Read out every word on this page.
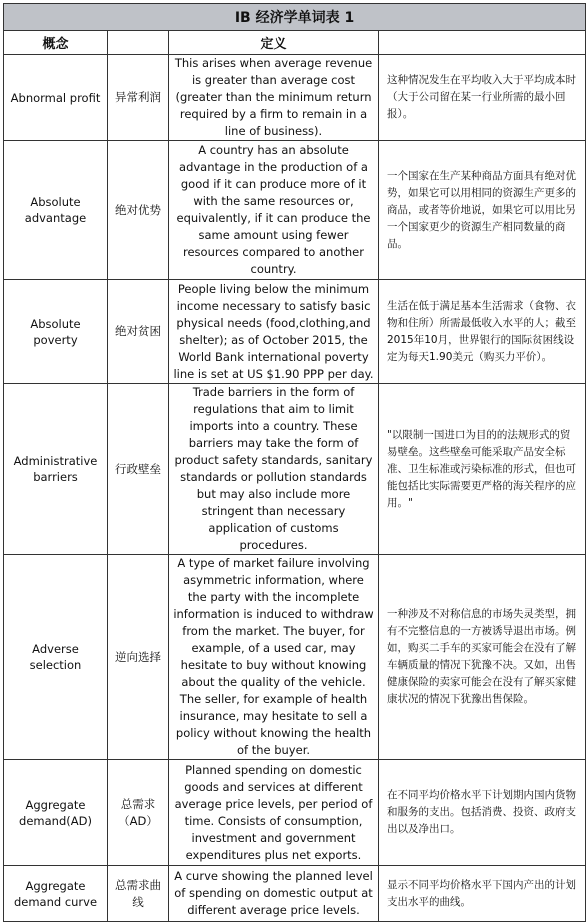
IB 经济学单词表 1			
概念		定义	
Abnormal profit	异常利润	This arises when average revenue is greater than average cost (greater than the minimum return required by a firm to remain in a line of business).	这种情况发生在平均收入大于平均成本时（大于公司留在某一行业所需的最小回报）。
Absolute advantage	绝对优势	A country has an absolute advantage in the production of a good if it can produce more of it with the same resources or, equivalently, if it can produce the same amount using fewer resources compared to another country.	一个国家在生产某种商品方面具有绝对优势，如果它可以用相同的资源生产更多的商品，或者等价地说，如果它可以用比另一个国家更少的资源生产相同数量的商品。
Absolute poverty	绝对贫困	People living below the minimum income necessary to satisfy basic physical needs (food,clothing,and shelter); as of October 2015, the World Bank international poverty line is set at US $1.90 PPP per day.	生活在低于满足基本生活需求（食物、衣物和住所）所需最低收入水平的人；截至2015年10月，世界银行的国际贫困线设定为每天1.90美元（购买力平价）。
Administrative barriers	行政壁垒	Trade barriers in the form of regulations that aim to limit imports into a country. These barriers may take the form of product safety standards, sanitary standards or pollution standards but may also include more stringent than necessary application of customs procedures.	"以限制一国进口为目的的法规形式的贸易壁垒。这些壁垒可能采取产品安全标准、卫生标准或污染标准的形式，但也可能包括比实际需要更严格的海关程序的应用。"
Adverse selection	逆向选择	A type of market failure involving asymmetric information, where the party with the incomplete information is induced to withdraw from the market. The buyer, for example, of a used car, may hesitate to buy without knowing about the quality of the vehicle. The seller, for example of health insurance, may hesitate to sell a policy without knowing the health of the buyer.	一种涉及不对称信息的市场失灵类型，拥有不完整信息的一方被诱导退出市场。例如，购买二手车的买家可能会在没有了解车辆质量的情况下犹豫不决。又如，出售健康保险的卖家可能会在没有了解买家健康状况的情况下犹豫出售保险。
Aggregate demand(AD)	总需求（AD）	Planned spending on domestic goods and services at different average price levels, per period of time. Consists of consumption, investment and government expenditures plus net exports.	在不同平均价格水平下计划期内国内货物和服务的支出。包括消费、投资、政府支出以及净出口。
Aggregate demand curve	总需求曲线	A curve showing the planned level of spending on domestic output at different average price levels.	显示不同平均价格水平下国内产出的计划支出水平的曲线。
